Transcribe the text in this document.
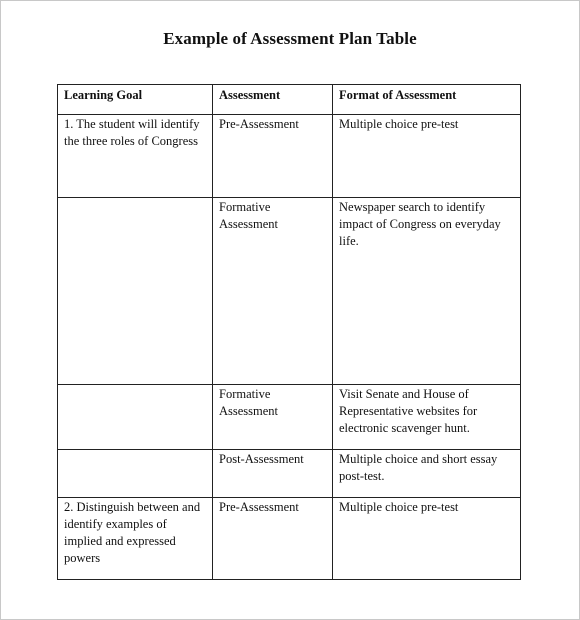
Example of Assessment Plan Table
Learning Goal	Assessment	Format of Assessment
1. The student will identify the three roles of Congress	Pre-Assessment	Multiple choice pre-test
	Formative Assessment	Newspaper search to identify impact of Congress on everyday life.
	Formative Assessment	Visit Senate and House of Representative websites for electronic scavenger hunt.
	Post-Assessment	Multiple choice and short essay post-test.
2. Distinguish between and identify examples of implied and expressed powers	Pre-Assessment	Multiple choice pre-test
